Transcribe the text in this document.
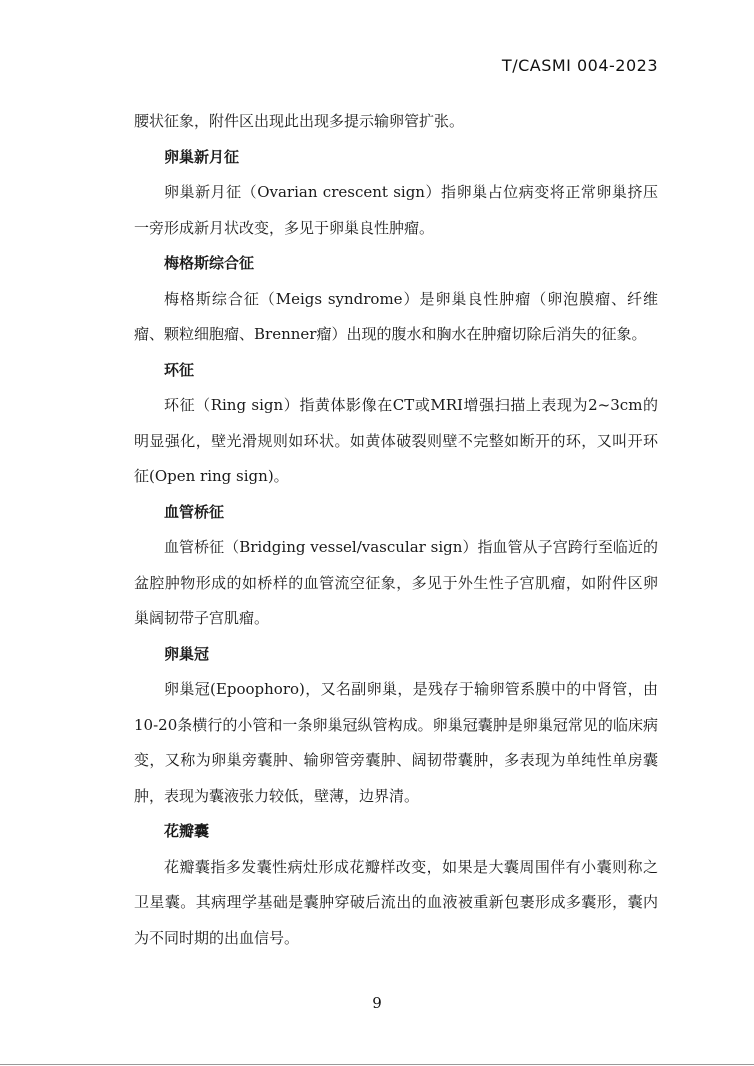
T/CASMI 004-2023

腰状征象，附件区出现此出现多提示输卵管扩张。

卵巢新月征

卵巢新月征（Ovarian crescent sign）指卵巢占位病变将正常卵巢挤压一旁形成新月状改变，多见于卵巢良性肿瘤。

梅格斯综合征

梅格斯综合征（Meigs syndrome）是卵巢良性肿瘤（卵泡膜瘤、纤维瘤、颗粒细胞瘤、Brenner瘤）出现的腹水和胸水在肿瘤切除后消失的征象。

环征

环征（Ring sign）指黄体影像在CT或MRI增强扫描上表现为2~3cm的明显强化，壁光滑规则如环状。如黄体破裂则壁不完整如断开的环，又叫开环征(Open ring sign)。

血管桥征

血管桥征（Bridging vessel/vascular sign）指血管从子宫跨行至临近的盆腔肿物形成的如桥样的血管流空征象，多见于外生性子宫肌瘤，如附件区卵巢阔韧带子宫肌瘤。

卵巢冠

卵巢冠(Epoophoro)，又名副卵巢，是残存于输卵管系膜中的中肾管，由10-20条横行的小管和一条卵巢冠纵管构成。卵巢冠囊肿是卵巢冠常见的临床病变，又称为卵巢旁囊肿、输卵管旁囊肿、阔韧带囊肿，多表现为单纯性单房囊肿，表现为囊液张力较低，壁薄，边界清。

花瓣囊

花瓣囊指多发囊性病灶形成花瓣样改变，如果是大囊周围伴有小囊则称之卫星囊。其病理学基础是囊肿穿破后流出的血液被重新包裹形成多囊形，囊内为不同时期的出血信号。

9
